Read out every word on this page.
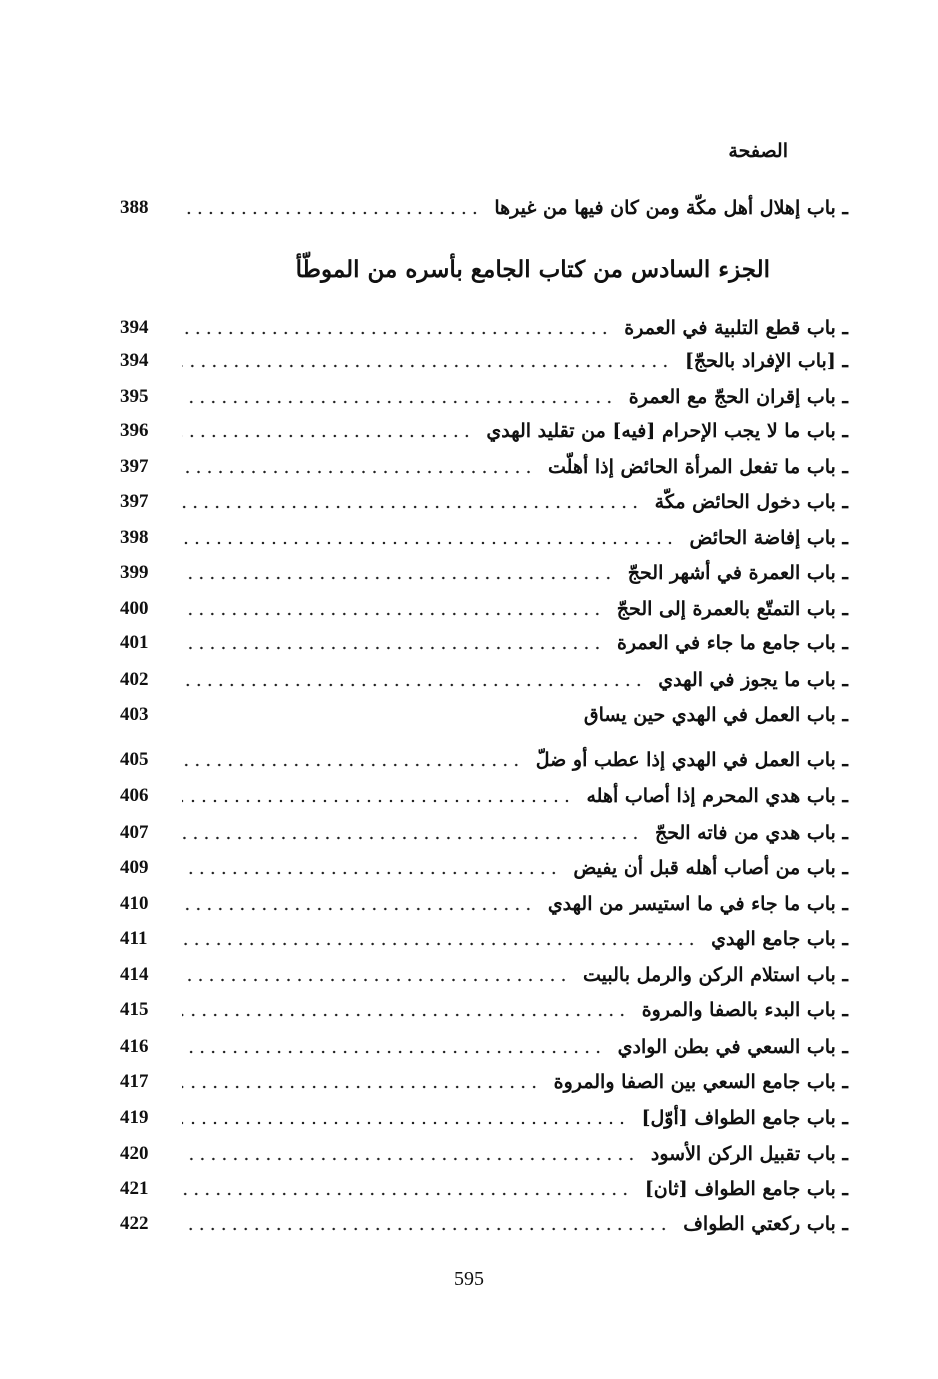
الصفحة
ـ باب إهلال أهل مكّة ومن كان فيها من غيرها
388
الجزء السادس من كتاب الجامع بأسره من الموطّأ
ـ باب قطع التلبية في العمرة
394
ـ [باب الإفراد بالحجّ]
394
ـ باب إقران الحجّ مع العمرة
395
ـ باب ما لا يجب الإحرام [فيه] من تقليد الهدي
396
ـ باب ما تفعل المرأة الحائض إذا أهلّت
397
ـ باب دخول الحائض مكّة
397
ـ باب إفاضة الحائض
398
ـ باب العمرة في أشهر الحجّ
399
ـ باب التمتّع بالعمرة إلى الحجّ
400
ـ باب جامع ما جاء في العمرة
401
ـ باب ما يجوز في الهدي
402
ـ باب العمل في الهدي حين يساق
403
ـ باب العمل في الهدي إذا عطب أو ضلّ
405
ـ باب هدي المحرم إذا أصاب أهله
406
ـ باب هدي من فاته الحجّ
407
ـ باب من أصاب أهله قبل أن يفيض
409
ـ باب ما جاء في ما استيسر من الهدي
410
ـ باب جامع الهدي
411
ـ باب استلام الركن والرمل بالبيت
414
ـ باب البدء بالصفا والمروة
415
ـ باب السعي في بطن الوادي
416
ـ باب جامع السعي بين الصفا والمروة
417
ـ باب جامع الطواف [أوّل]
419
ـ باب تقبيل الركن الأسود
420
ـ باب جامع الطواف [ثان]
421
ـ باب ركعتي الطواف
422
595
